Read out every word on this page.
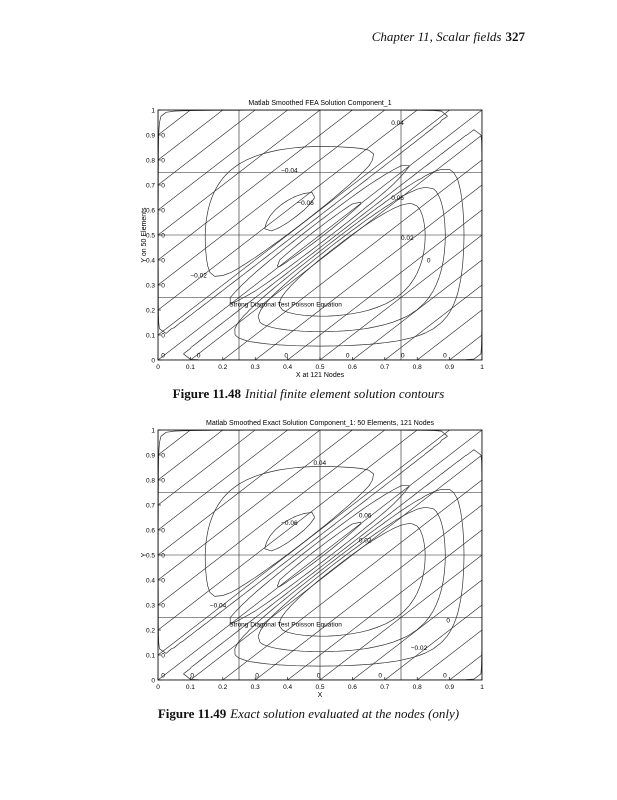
Chapter 11, Scalar fields 327
Matlab Smoothed FEA Solution Component_1
0	0.1	0.2	0.3	0.4	0.5	0.6	0.7	0.8	0.9	1
0
0.1
0.2
0.3
0.4
0.5
0.6
0.7
0.8
0.9
1
X at 121 Nodes
Y on 50 Elements
Strong Diagonal Test Poisson Equation
0.04
−0.04
−0.06
0.06
0.02
0
−0.02
0
0
0
0
0
0
0
0
0	0	0	0	0	0
Figure 11.48 Initial finite element solution contours
Matlab Smoothed Exact Solution Component_1: 50 Elements, 121 Nodes
0	0.1	0.2	0.3	0.4	0.5	0.6	0.7	0.8	0.9	1
0
0.1
0.2
0.3
0.4
0.5
0.6
0.7
0.8
0.9
1
X
Y
Strong Diagonal Test Poisson Equation
0.04
0.06
−0.06
0.02
−0.04
0
−0.02
0
0
0
0
0
0
0
0	0	0	0	0	0
Figure 11.49 Exact solution evaluated at the nodes (only)
